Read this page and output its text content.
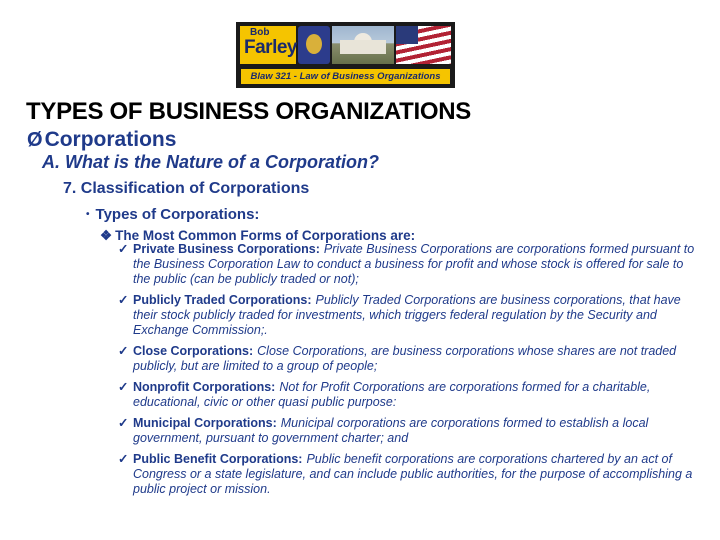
Bob
Farley
Blaw 321 - Law of Business Organizations
TYPES OF BUSINESS ORGANIZATIONS
ØCorporations
A. What is the Nature of a Corporation?
7. Classification of Corporations
• Types of Corporations:
❖ The Most Common Forms of Corporations are:
✓ Private Business Corporations: Private Business Corporations are corporations formed pursuant to the Business Corporation Law to conduct a business for profit and whose stock is offered for sale to the public (can be publicly traded or not);
✓ Publicly Traded Corporations: Publicly Traded Corporations are business corporations, that have their stock publicly traded for investments, which triggers federal regulation by the Security and Exchange Commission;.
✓ Close Corporations: Close Corporations, are business corporations whose shares are not traded publicly, but are limited to a group of people;
✓ Nonprofit Corporations: Not for Profit Corporations are corporations formed for a charitable, educational, civic or other quasi public purpose:
✓ Municipal Corporations: Municipal corporations are corporations formed to establish a local government, pursuant to government charter; and
✓ Public Benefit Corporations: Public benefit corporations are corporations chartered by an act of Congress or a state legislature, and can include public authorities, for the purpose of accomplishing a public project or mission.
